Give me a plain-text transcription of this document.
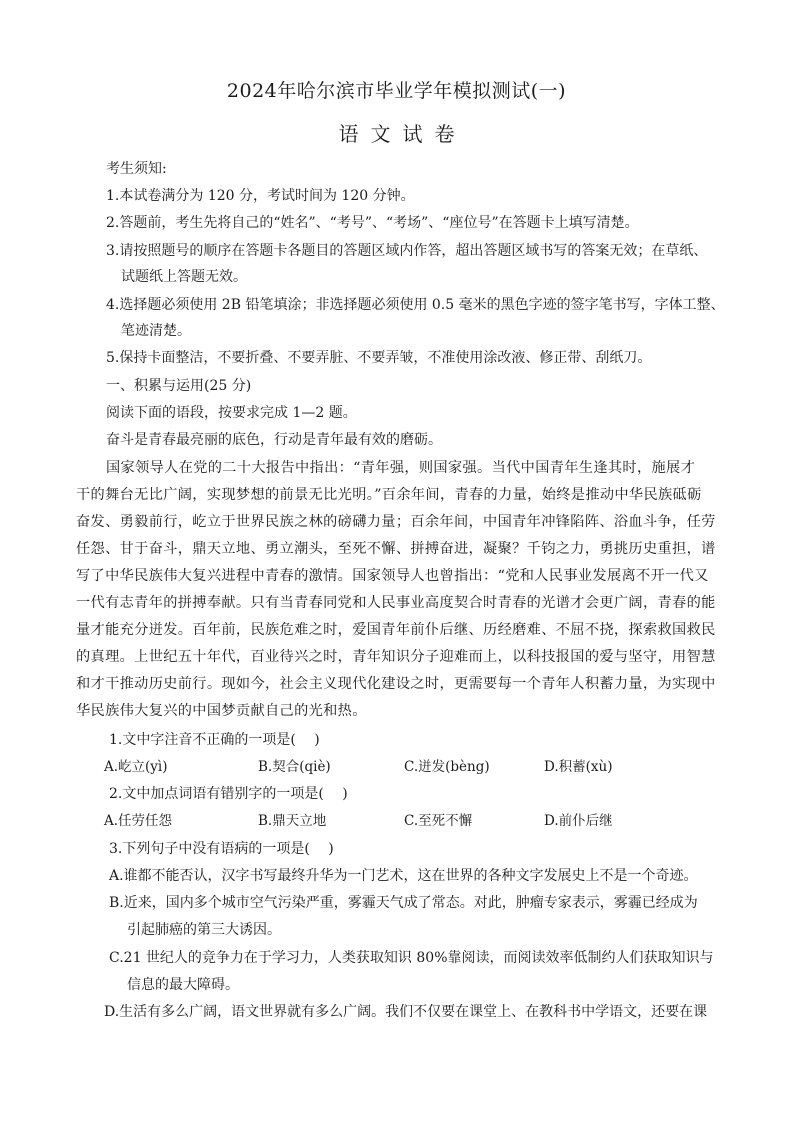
2024年哈尔滨市毕业学年模拟测试(一)
语文试卷
考生须知:
1.本试卷满分为 120 分，考试时间为 120 分钟。
2.答题前，考生先将自己的“姓名”、“考号”、“考场”、“座位号”在答题卡上填写清楚。
3.请按照题号的顺序在答题卡各题目的答题区域内作答，超出答题区域书写的答案无效；在草纸、
试题纸上答题无效。
4.选择题必须使用 2B 铅笔填涂；非选择题必须使用 0.5 毫米的黑色字迹的签字笔书写，字体工整、
笔迹清楚。
5.保持卡面整洁，不要折叠、不要弄脏、不要弄皱，不准使用涂改液、修正带、刮纸刀。
一、积累与运用(25 分)
阅读下面的语段，按要求完成 1—2 题。
奋斗是青春最亮丽的底色，行动是青年最有效的磨砺。
国家领导人在党的二十大报告中指出：“青年强，则国家强。当代中国青年生逢其时，施展才
干的舞台无比广阔，实现梦想的前景无比光明。”百余年间，青春的力量，始终是推动中华民族砥砺
奋发、勇毅前行，屹立于世界民族之林的磅礴力量；百余年间，中国青年冲锋陷阵、浴血斗争，任劳
任怨、甘于奋斗，鼎天立地、勇立潮头，至死不懈、拼搏奋进，凝聚？千钧之力，勇挑历史重担，谱
写了中华民族伟大复兴进程中青春的激情。国家领导人也曾指出：“党和人民事业发展离不开一代又
一代有志青年的拼搏奉献。只有当青春同党和人民事业高度契合时青春的光谱才会更广阔，青春的能
量才能充分迸发。百年前，民族危难之时，爱国青年前仆后继、历经磨难、不屈不挠，探索救国救民
的真理。上世纪五十年代，百业待兴之时，青年知识分子迎难而上，以科技报国的爱与坚守，用智慧
和才干推动历史前行。现如今，社会主义现代化建设之时，更需要每一个青年人积蓄力量，为实现中
华民族伟大复兴的中国梦贡献自己的光和热。
1.文中字注音不正确的一项是(　 )
A.屹立(yì)	B.契合(qiè)	C.迸发(bèng)	D.积蓄(xù)
2.文中加点词语有错别字的一项是(　 )
A.任劳任怨	B.鼎天立地	C.至死不懈	D.前仆后继
3.下列句子中没有语病的一项是(　 )
A.谁都不能否认，汉字书写最终升华为一门艺术，这在世界的各种文字发展史上不是一个奇迹。
B.近来，国内多个城市空气污染严重，雾霾天气成了常态。对此，肿瘤专家表示，雾霾已经成为
引起肺癌的第三大诱因。
C.21 世纪人的竞争力在于学习力，人类获取知识 80%靠阅读，而阅读效率低制约人们获取知识与
信息的最大障碍。
D.生活有多么广阔，语文世界就有多么广阔。我们不仅要在课堂上、在教科书中学语文，还要在课
